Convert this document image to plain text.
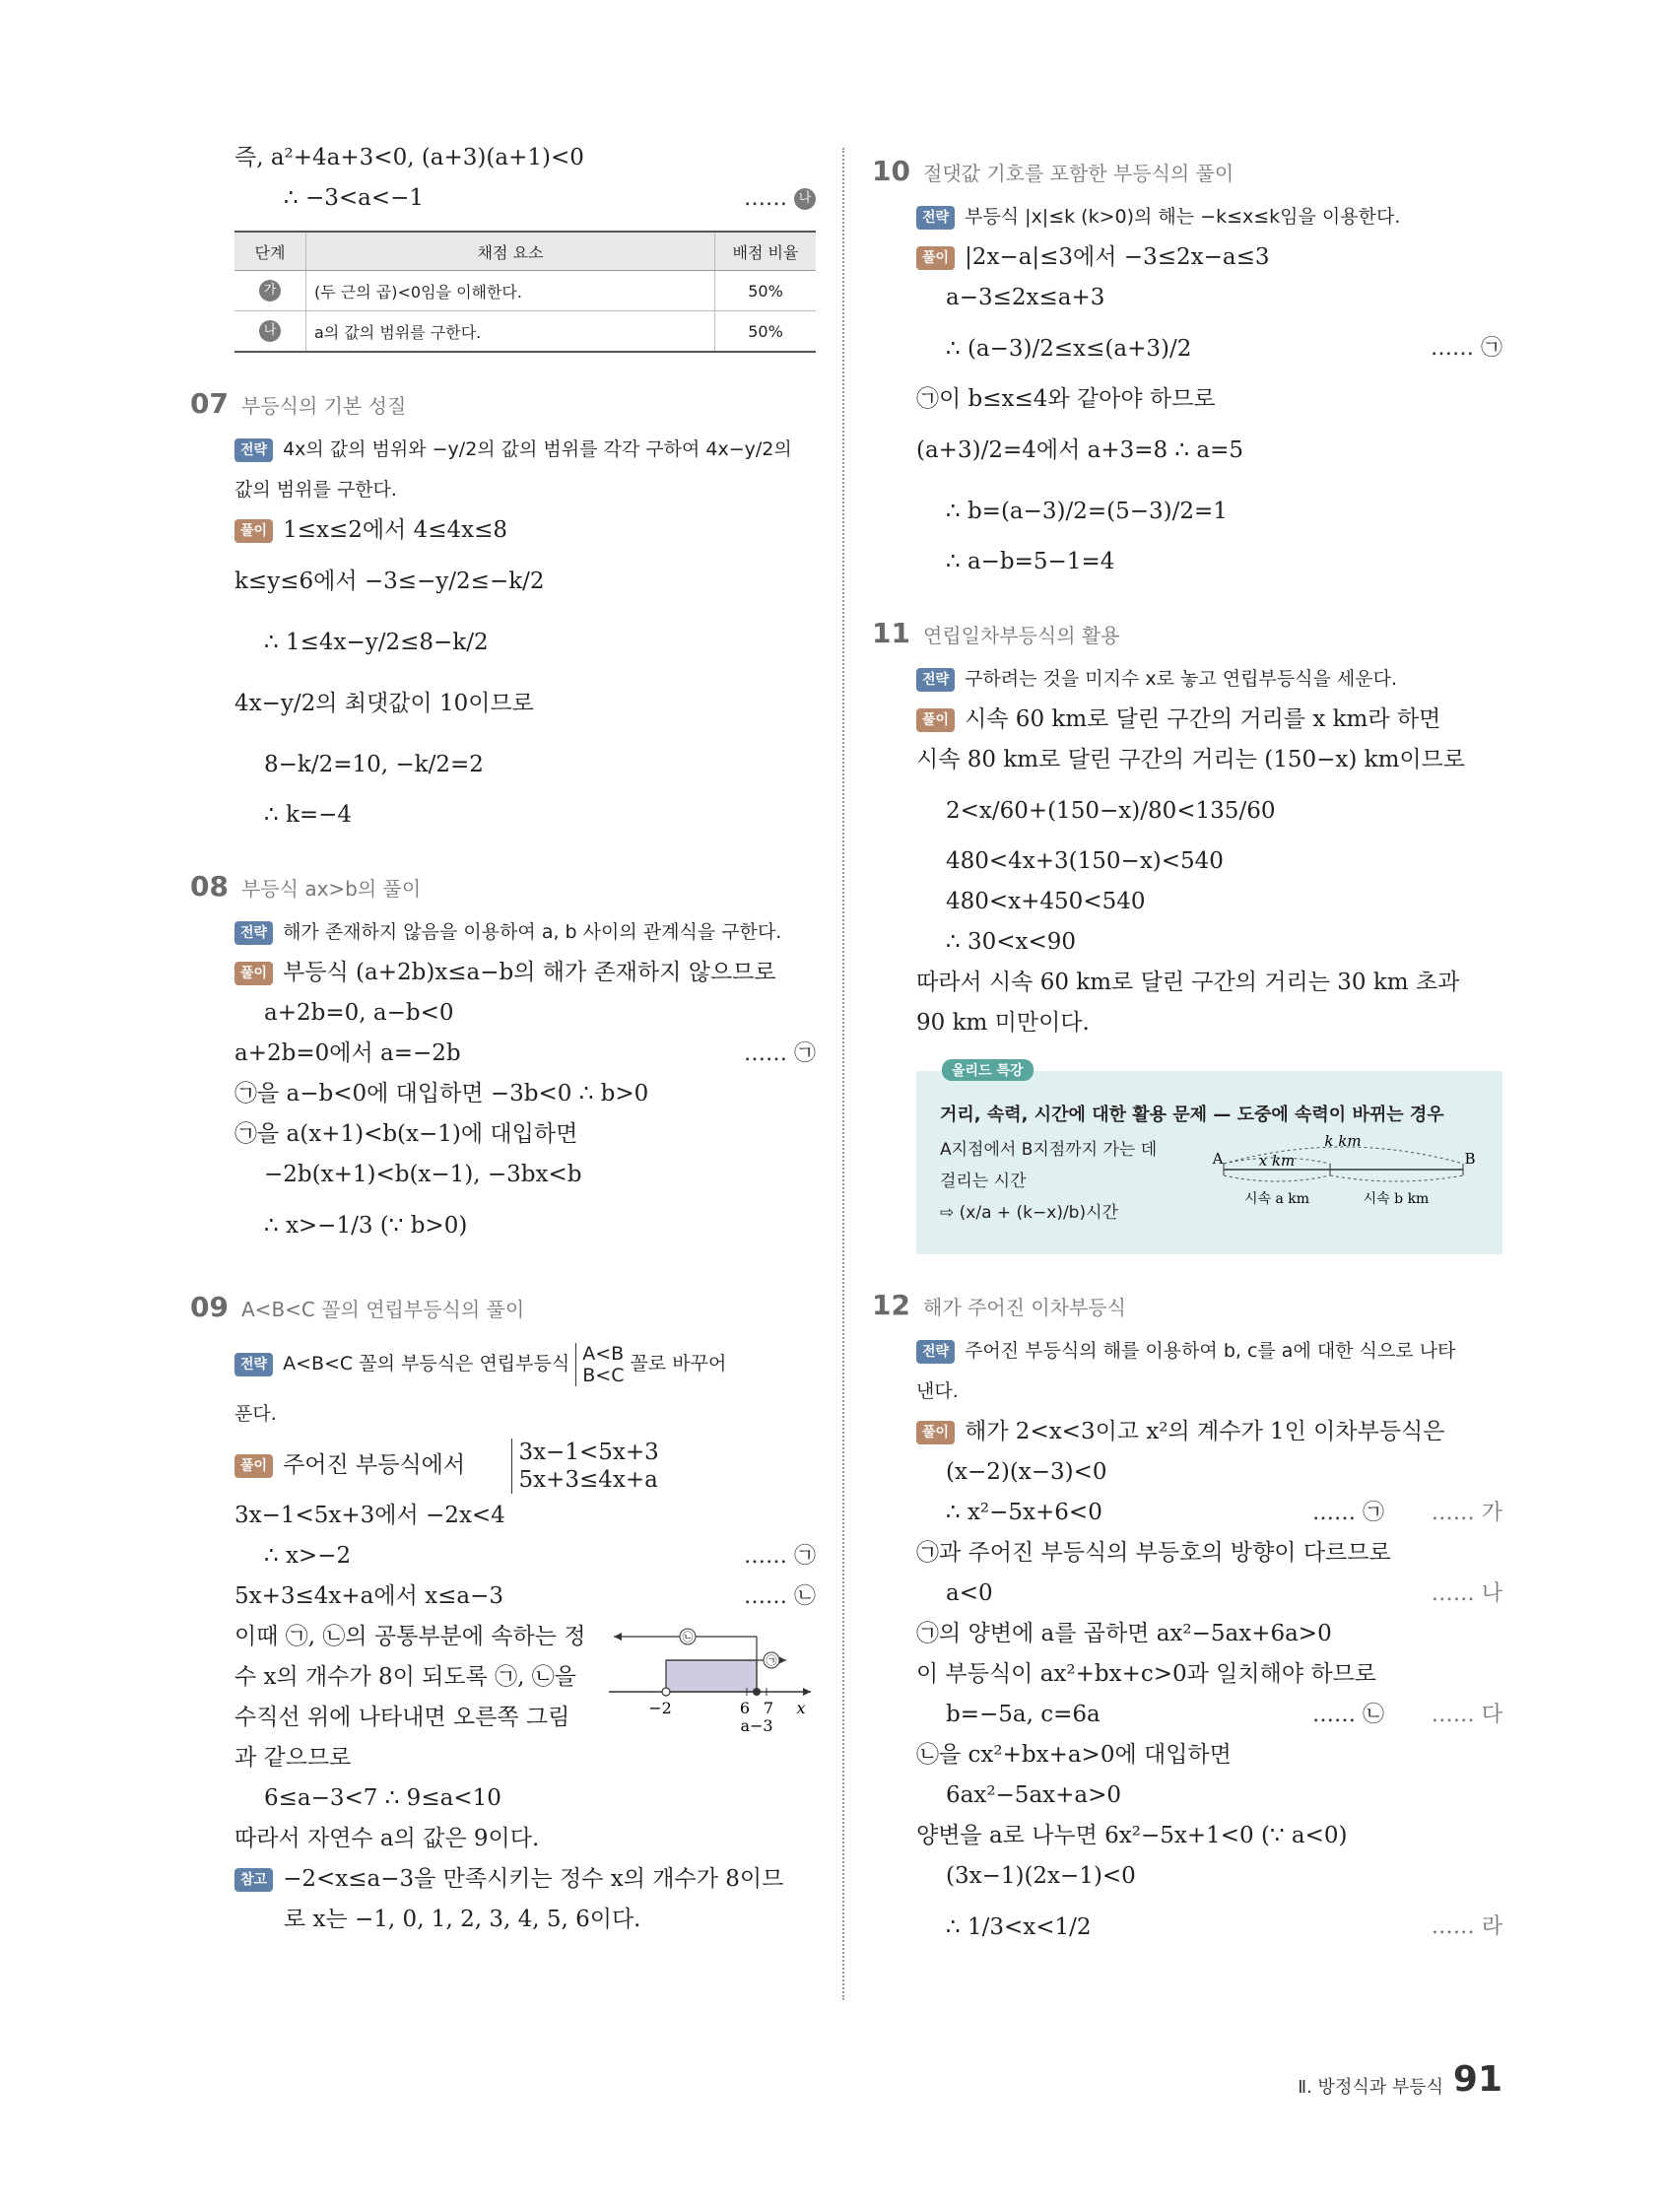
즉, a²+4a+3<0, (a+3)(a+1)<0
∴ −3<a<−1	…… 나
단계	채점 요소	배점 비율
가	(두 근의 곱)<0임을 이해한다.	50%
나	a의 값의 범위를 구한다.	50%
07 부등식의 기본 성질
전략 4x의 값의 범위와 −y/2의 값의 범위를 각각 구하여 4x−y/2의
값의 범위를 구한다.
풀이 1≤x≤2에서 4≤4x≤8
k≤y≤6에서 −3≤−y/2≤−k/2
∴ 1≤4x−y/2≤8−k/2
4x−y/2의 최댓값이 10이므로
8−k/2=10, −k/2=2
∴ k=−4
08 부등식 ax>b의 풀이
전략 해가 존재하지 않음을 이용하여 a, b 사이의 관계식을 구한다.
풀이 부등식 (a+2b)x≤a−b의 해가 존재하지 않으므로
a+2b=0, a−b<0
a+2b=0에서 a=−2b	…… ㉠
㉠을 a−b<0에 대입하면 −3b<0 ∴ b>0
㉠을 a(x+1)<b(x−1)에 대입하면
−2b(x+1)<b(x−1), −3bx<b
∴ x>−1/3 (∵ b>0)
09 A<B<C 꼴의 연립부등식의 풀이
전략 A<B<C 꼴의 부등식은 연립부등식 A<B
B<C 꼴로 바꾸어
푼다.
풀이 주어진 부등식에서 3x−1<5x+3
5x+3≤4x+a
3x−1<5x+3에서 −2x<4
∴ x>−2	…… ㉠
5x+3≤4x+a에서 x≤a−3	…… ㉡
이때 ㉠, ㉡의 공통부분에 속하는 정
수 x의 개수가 8이 되도록 ㉠, ㉡을
수직선 위에 나타내면 오른쪽 그림
과 같으므로
㉡
㉠
−2	6 7 x
a−3
6≤a−3<7 ∴ 9≤a<10
따라서 자연수 a의 값은 9이다.
참고 −2<x≤a−3을 만족시키는 정수 x의 개수가 8이므
로 x는 −1, 0, 1, 2, 3, 4, 5, 6이다.
10 절댓값 기호를 포함한 부등식의 풀이
전략 부등식 |x|≤k (k>0)의 해는 −k≤x≤k임을 이용한다.
풀이 |2x−a|≤3에서 −3≤2x−a≤3
a−3≤2x≤a+3
∴ (a−3)/2≤x≤(a+3)/2	…… ㉠
㉠이 b≤x≤4와 같아야 하므로
(a+3)/2=4에서 a+3=8 ∴ a=5
∴ b=(a−3)/2=(5−3)/2=1
∴ a−b=5−1=4
11 연립일차부등식의 활용
전략 구하려는 것을 미지수 x로 놓고 연립부등식을 세운다.
풀이 시속 60 km로 달린 구간의 거리를 x km라 하면
시속 80 km로 달린 구간의 거리는 (150−x) km이므로
2<x/60+(150−x)/80<135/60
480<4x+3(150−x)<540
480<x+450<540
∴ 30<x<90
따라서 시속 60 km로 달린 구간의 거리는 30 km 초과
90 km 미만이다.
올리드 특강
거리, 속력, 시간에 대한 활용 문제 — 도중에 속력이 바뀌는 경우
A지점에서 B지점까지 가는 데
걸리는 시간
⇨ (x/a + (k−x)/b)시간
A	B
k km
x km
시속 a km	시속 b km
12 해가 주어진 이차부등식
전략 주어진 부등식의 해를 이용하여 b, c를 a에 대한 식으로 나타
낸다.
풀이 해가 2<x<3이고 x²의 계수가 1인 이차부등식은
(x−2)(x−3)<0
∴ x²−5x+6<0	…… ㉠ …… 가
㉠과 주어진 부등식의 부등호의 방향이 다르므로
a<0	…… 나
㉠의 양변에 a를 곱하면 ax²−5ax+6a>0
이 부등식이 ax²+bx+c>0과 일치해야 하므로
b=−5a, c=6a	…… ㉡ …… 다
㉡을 cx²+bx+a>0에 대입하면
6ax²−5ax+a>0
양변을 a로 나누면 6x²−5x+1<0 (∵ a<0)
(3x−1)(2x−1)<0
∴ 1/3<x<1/2	…… 라
Ⅱ. 방정식과 부등식 91
